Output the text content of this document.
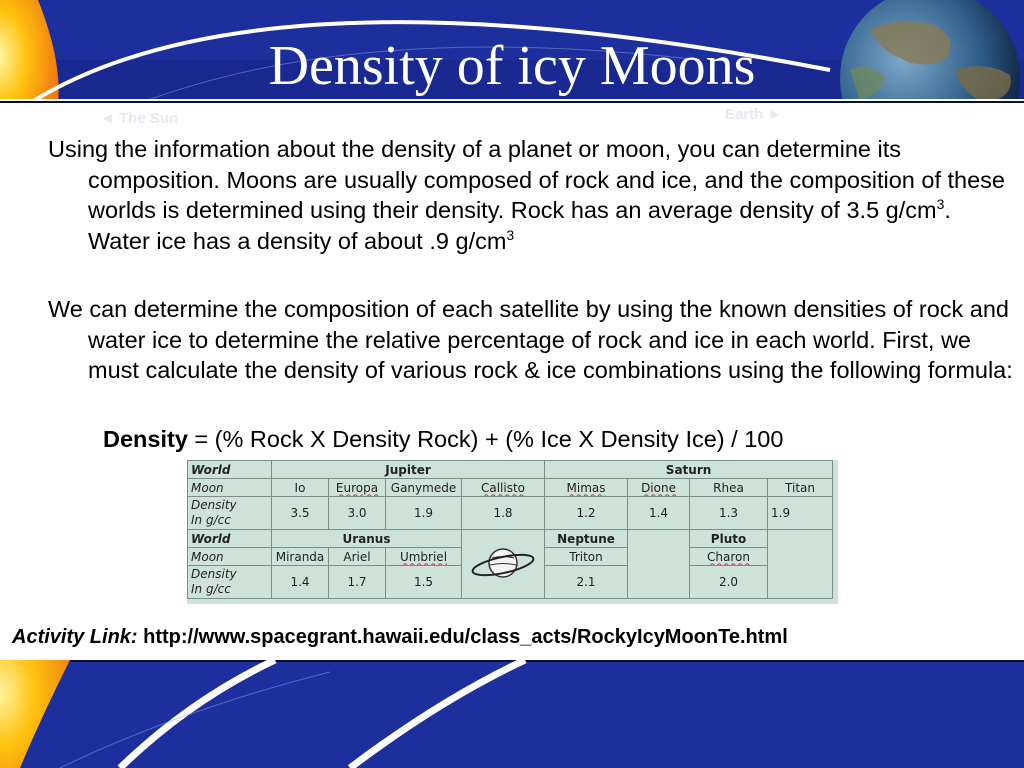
Density of icy Moons
◄ The Sun	Earth ►

Using the information about the density of a planet or moon, you can determine its composition. Moons are usually composed of rock and ice, and the composition of these worlds is determined using their density. Rock has an average density of 3.5 $g/cm^3$. Water ice has a density of about .9 $g/cm^3$

We can determine the composition of each satellite by using the known densities of rock and water ice to determine the relative percentage of rock and ice in each world. First, we must calculate the density of various rock & ice combinations using the following formula:

Density = (% Rock X Density Rock) + (% Ice X Density Ice) / 100

World	Jupiter				Saturn			
Moon	Io	Europa	Ganymede	Callisto	Mimas	Dione	Rhea	Titan
Density
In g/cc	3.5	3.0	1.9	1.8	1.2	1.4	1.3	1.9
World	Uranus				Neptune		Pluto	
Moon	Miranda	Ariel	Umbriel		Triton		Charon	
Density
In g/cc	1.4	1.7	1.5		2.1		2.0	

Activity Link: http://www.spacegrant.hawaii.edu/class_acts/RockyIcyMoonTe.html
